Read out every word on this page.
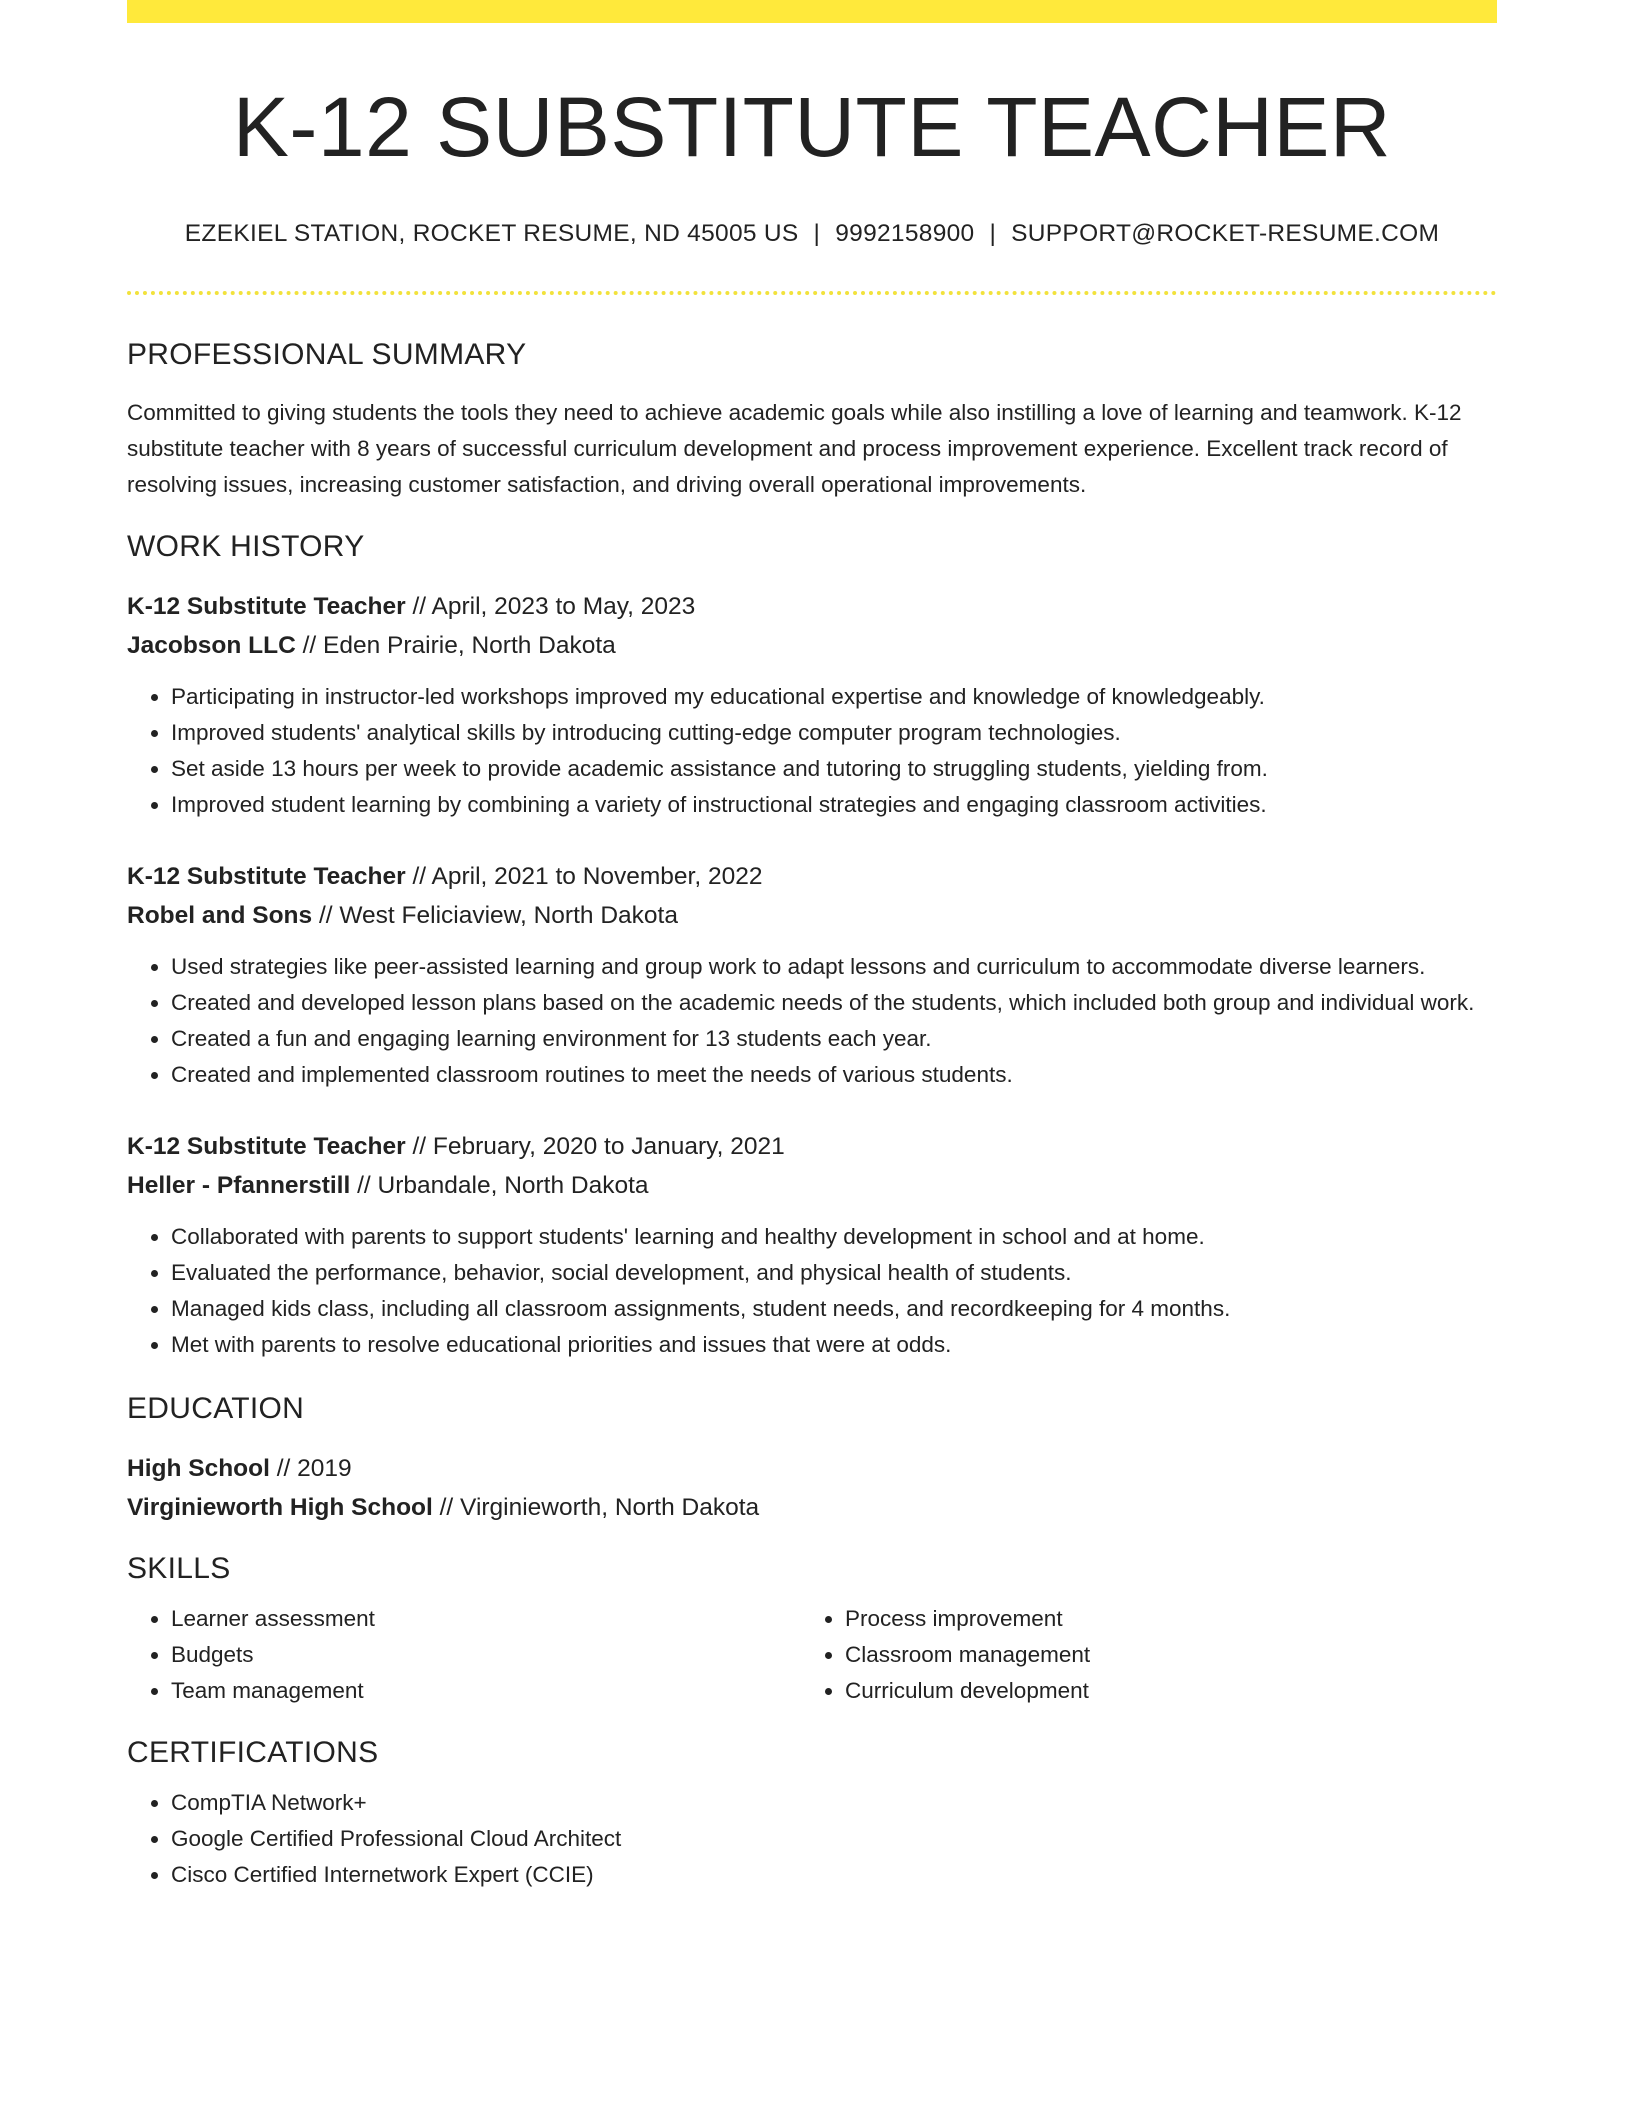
K-12 SUBSTITUTE TEACHER
EZEKIEL STATION, ROCKET RESUME, ND 45005 US | 9992158900 | SUPPORT@ROCKET-RESUME.COM
PROFESSIONAL SUMMARY

Committed to giving students the tools they need to achieve academic goals while also instilling a love of learning and teamwork. K-12 substitute teacher with 8 years of successful curriculum development and process improvement experience. Excellent track record of resolving issues, increasing customer satisfaction, and driving overall operational improvements.

WORK HISTORY
K-12 Substitute Teacher // April, 2023 to May, 2023
Jacobson LLC // Eden Prairie, North Dakota
• Participating in instructor-led workshops improved my educational expertise and knowledge of knowledgeably.
• Improved students' analytical skills by introducing cutting-edge computer program technologies.
• Set aside 13 hours per week to provide academic assistance and tutoring to struggling students, yielding from.
• Improved student learning by combining a variety of instructional strategies and engaging classroom activities.
K-12 Substitute Teacher // April, 2021 to November, 2022
Robel and Sons // West Feliciaview, North Dakota
• Used strategies like peer-assisted learning and group work to adapt lessons and curriculum to accommodate diverse learners.
• Created and developed lesson plans based on the academic needs of the students, which included both group and individual work.
• Created a fun and engaging learning environment for 13 students each year.
• Created and implemented classroom routines to meet the needs of various students.
K-12 Substitute Teacher // February, 2020 to January, 2021
Heller - Pfannerstill // Urbandale, North Dakota
• Collaborated with parents to support students' learning and healthy development in school and at home.
• Evaluated the performance, behavior, social development, and physical health of students.
• Managed kids class, including all classroom assignments, student needs, and recordkeeping for 4 months.
• Met with parents to resolve educational priorities and issues that were at odds.
EDUCATION
High School // 2019
Virginieworth High School // Virginieworth, North Dakota
SKILLS
• Learner assessment
• Budgets
• Team management
• Process improvement
• Classroom management
• Curriculum development
CERTIFICATIONS
• CompTIA Network+
• Google Certified Professional Cloud Architect
• Cisco Certified Internetwork Expert (CCIE)
